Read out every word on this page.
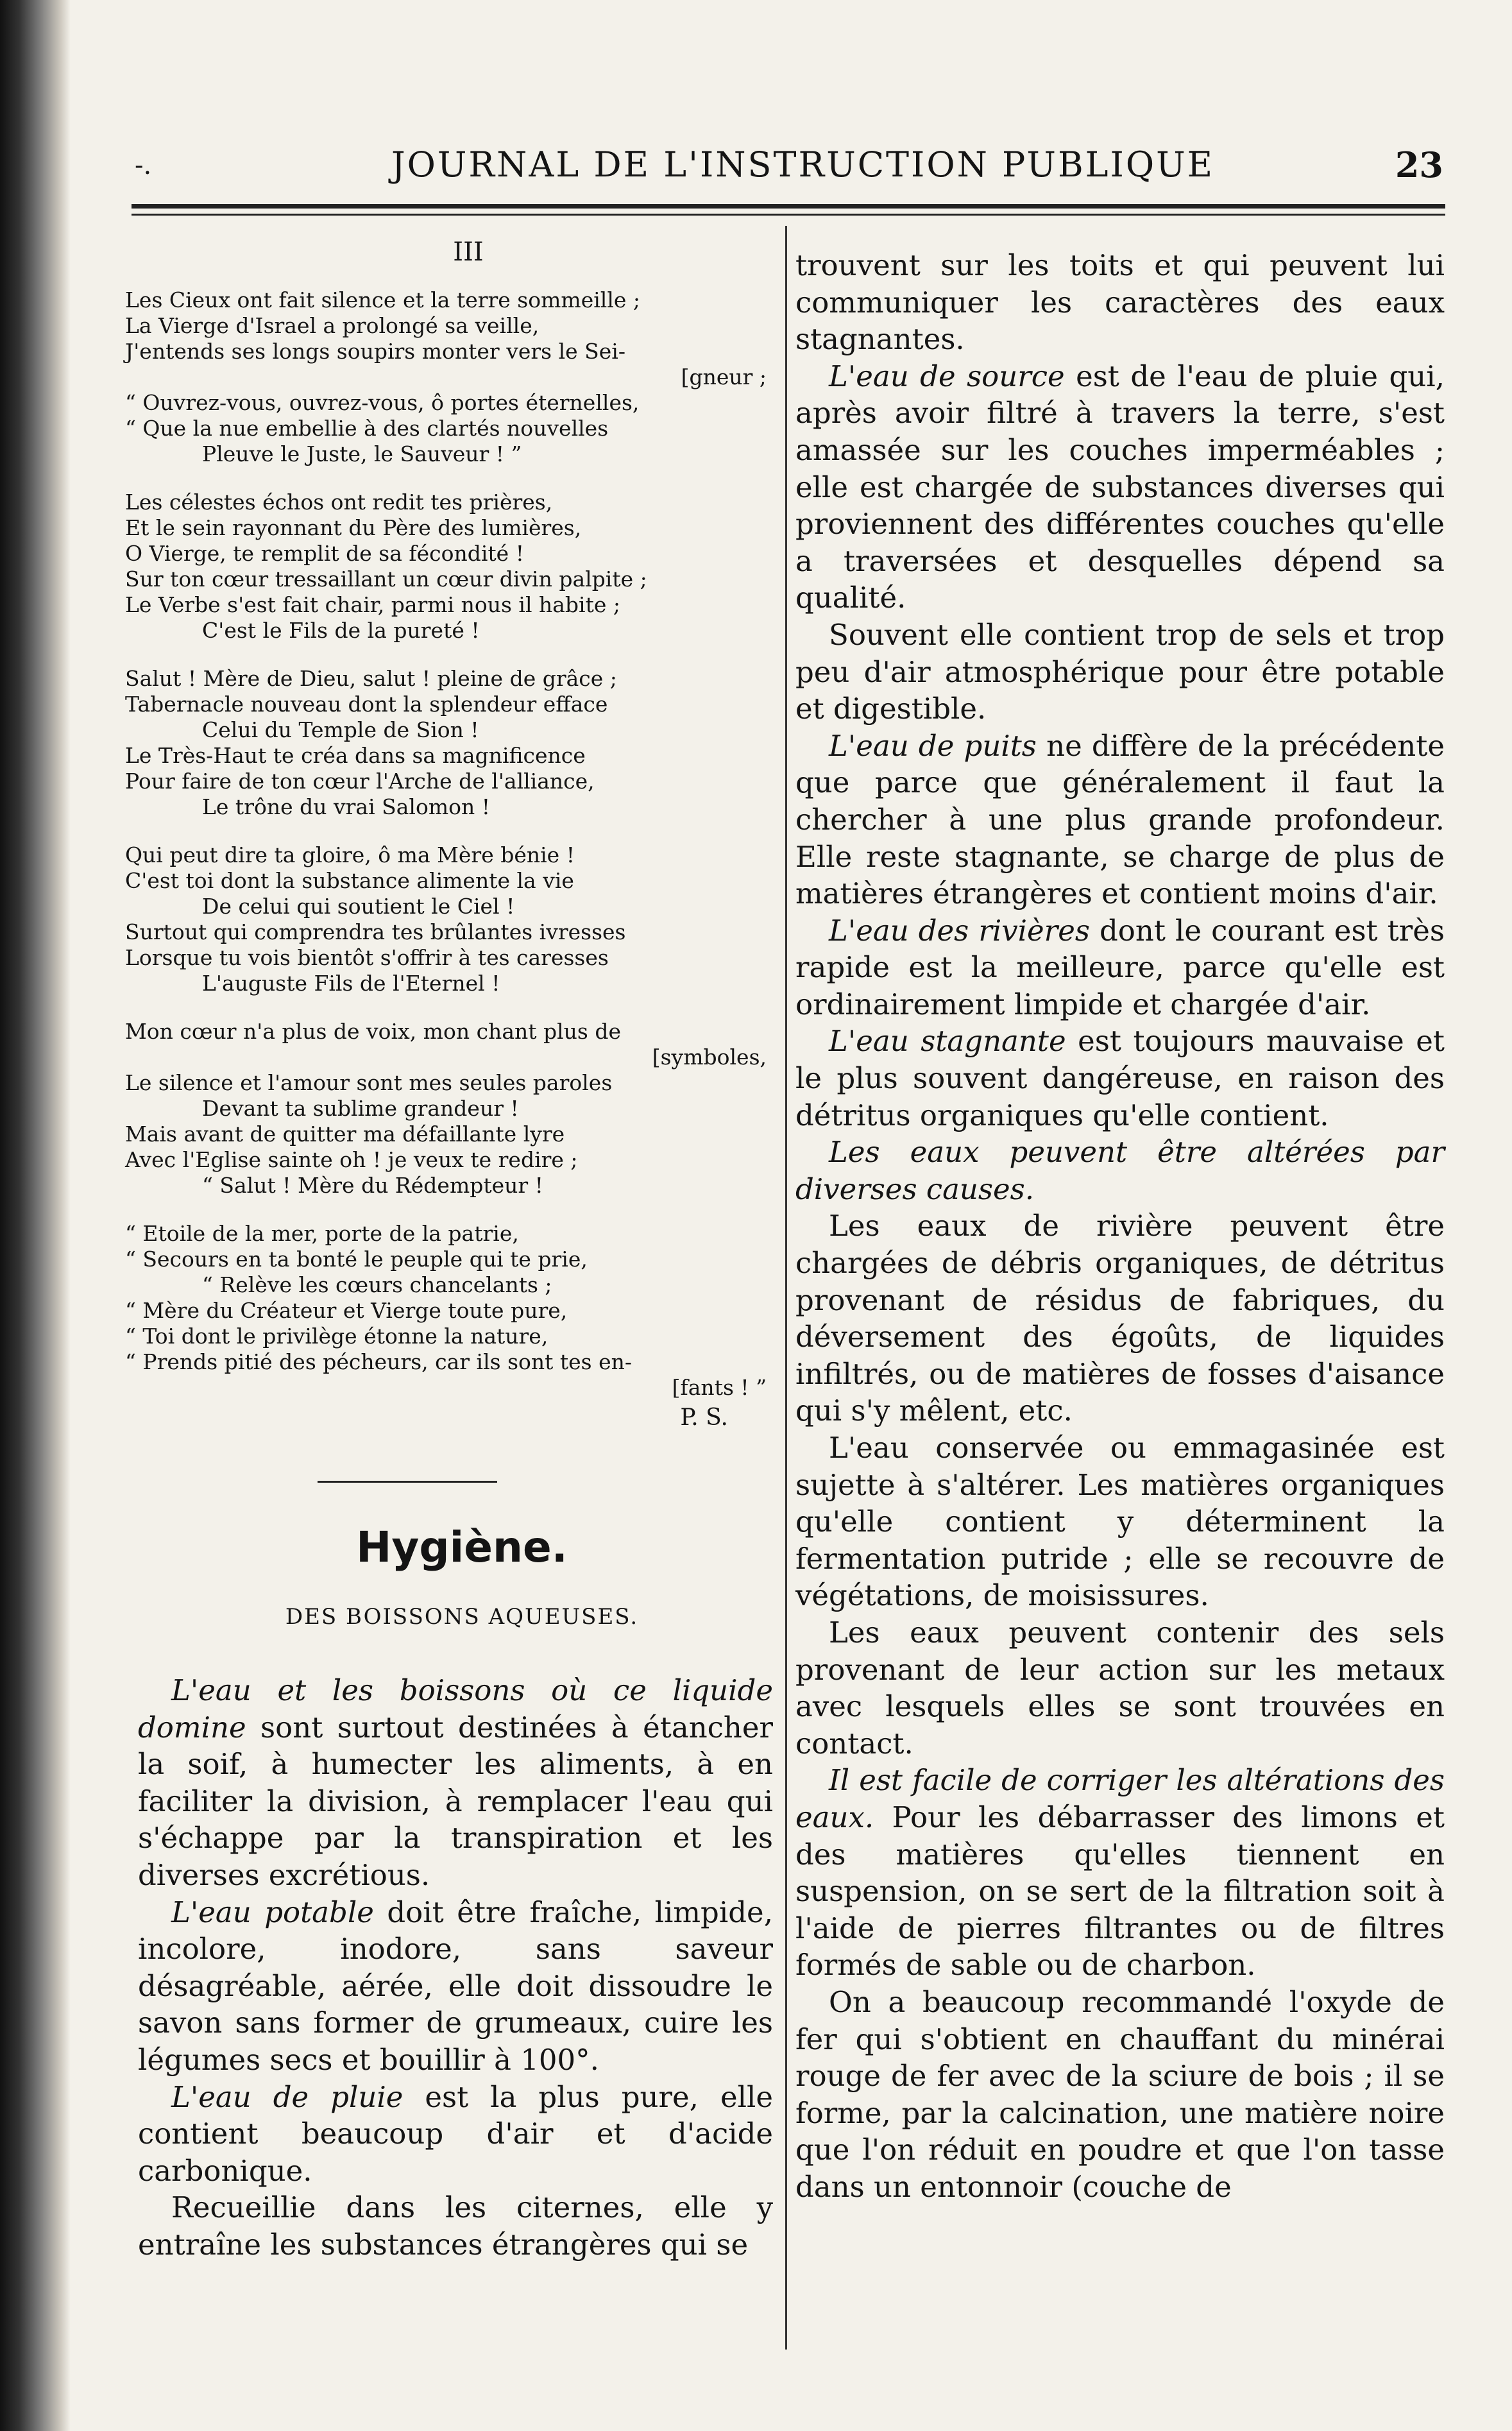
-.	JOURNAL DE L'INSTRUCTION PUBLIQUE	23
III
Les Cieux ont fait silence et la terre sommeille ;
La Vierge d'Israel a prolongé sa veille,
J'entends ses longs soupirs monter vers le Sei-
[gneur ;
“ Ouvrez-vous, ouvrez-vous, ô portes éternelles,
“ Que la nue embellie à des clartés nouvelles
Pleuve le Juste, le Sauveur ! ”
Les célestes échos ont redit tes prières,
Et le sein rayonnant du Père des lumières,
O Vierge, te remplit de sa fécondité !
Sur ton cœur tressaillant un cœur divin palpite ;
Le Verbe s'est fait chair, parmi nous il habite ;
C'est le Fils de la pureté !
Salut ! Mère de Dieu, salut ! pleine de grâce ;
Tabernacle nouveau dont la splendeur efface
Celui du Temple de Sion !
Le Très-Haut te créa dans sa magnificence
Pour faire de ton cœur l'Arche de l'alliance,
Le trône du vrai Salomon !
Qui peut dire ta gloire, ô ma Mère bénie !
C'est toi dont la substance alimente la vie
De celui qui soutient le Ciel !
Surtout qui comprendra tes brûlantes ivresses
Lorsque tu vois bientôt s'offrir à tes caresses
L'auguste Fils de l'Eternel !
Mon cœur n'a plus de voix, mon chant plus de
[symboles,
Le silence et l'amour sont mes seules paroles
Devant ta sublime grandeur !
Mais avant de quitter ma défaillante lyre
Avec l'Eglise sainte oh ! je veux te redire ;
“ Salut ! Mère du Rédempteur !
“ Etoile de la mer, porte de la patrie,
“ Secours en ta bonté le peuple qui te prie,
“ Relève les cœurs chancelants ;
“ Mère du Créateur et Vierge toute pure,
“ Toi dont le privilège étonne la nature,
“ Prends pitié des pécheurs, car ils sont tes en-
[fants ! ”
P. S.
Hygiène.
DES BOISSONS AQUEUSES.

L'eau et les boissons où ce liquide domine sont surtout destinées à étancher la soif, à humecter les aliments, à en faciliter la division, à remplacer l'eau qui s'échappe par la transpiration et les diverses excrétious.

L'eau potable doit être fraîche, limpide, incolore, inodore, sans saveur désagréable, aérée, elle doit dissoudre le savon sans former de grumeaux, cuire les légumes secs et bouillir à 100°.

L'eau de pluie est la plus pure, elle contient beaucoup d'air et d'acide carbonique.

Recueillie dans les citernes, elle y entraîne les substances étrangères qui se

trouvent sur les toits et qui peuvent lui communiquer les caractères des eaux stagnantes.

L'eau de source est de l'eau de pluie qui, après avoir filtré à travers la terre, s'est amassée sur les couches imperméables ; elle est chargée de substances diverses qui proviennent des différentes couches qu'elle a traversées et desquelles dépend sa qualité.

Souvent elle contient trop de sels et trop peu d'air atmosphérique pour être potable et digestible.

L'eau de puits ne diffère de la précédente que parce que généralement il faut la chercher à une plus grande profondeur. Elle reste stagnante, se charge de plus de matières étrangères et contient moins d'air.

L'eau des rivières dont le courant est très rapide est la meilleure, parce qu'elle est ordinairement limpide et chargée d'air.

L'eau stagnante est toujours mauvaise et le plus souvent dangéreuse, en raison des détritus organiques qu'elle contient.

Les eaux peuvent être altérées par diverses causes.

Les eaux de rivière peuvent être chargées de débris organiques, de détritus provenant de résidus de fabriques, du déversement des égoûts, de liquides infiltrés, ou de matières de fosses d'aisance qui s'y mêlent, etc.

L'eau conservée ou emmagasinée est sujette à s'altérer. Les matières organiques qu'elle contient y déterminent la fermentation putride ; elle se recouvre de végétations, de moisissures.

Les eaux peuvent contenir des sels provenant de leur action sur les metaux avec lesquels elles se sont trouvées en contact.

Il est facile de corriger les altérations des eaux. Pour les débarrasser des limons et des matières qu'elles tiennent en suspension, on se sert de la filtration soit à l'aide de pierres filtrantes ou de filtres formés de sable ou de charbon.

On a beaucoup recommandé l'oxyde de fer qui s'obtient en chauffant du minérai rouge de fer avec de la sciure de bois ; il se forme, par la calcination, une matière noire que l'on réduit en poudre et que l'on tasse dans un entonnoir (couche de
